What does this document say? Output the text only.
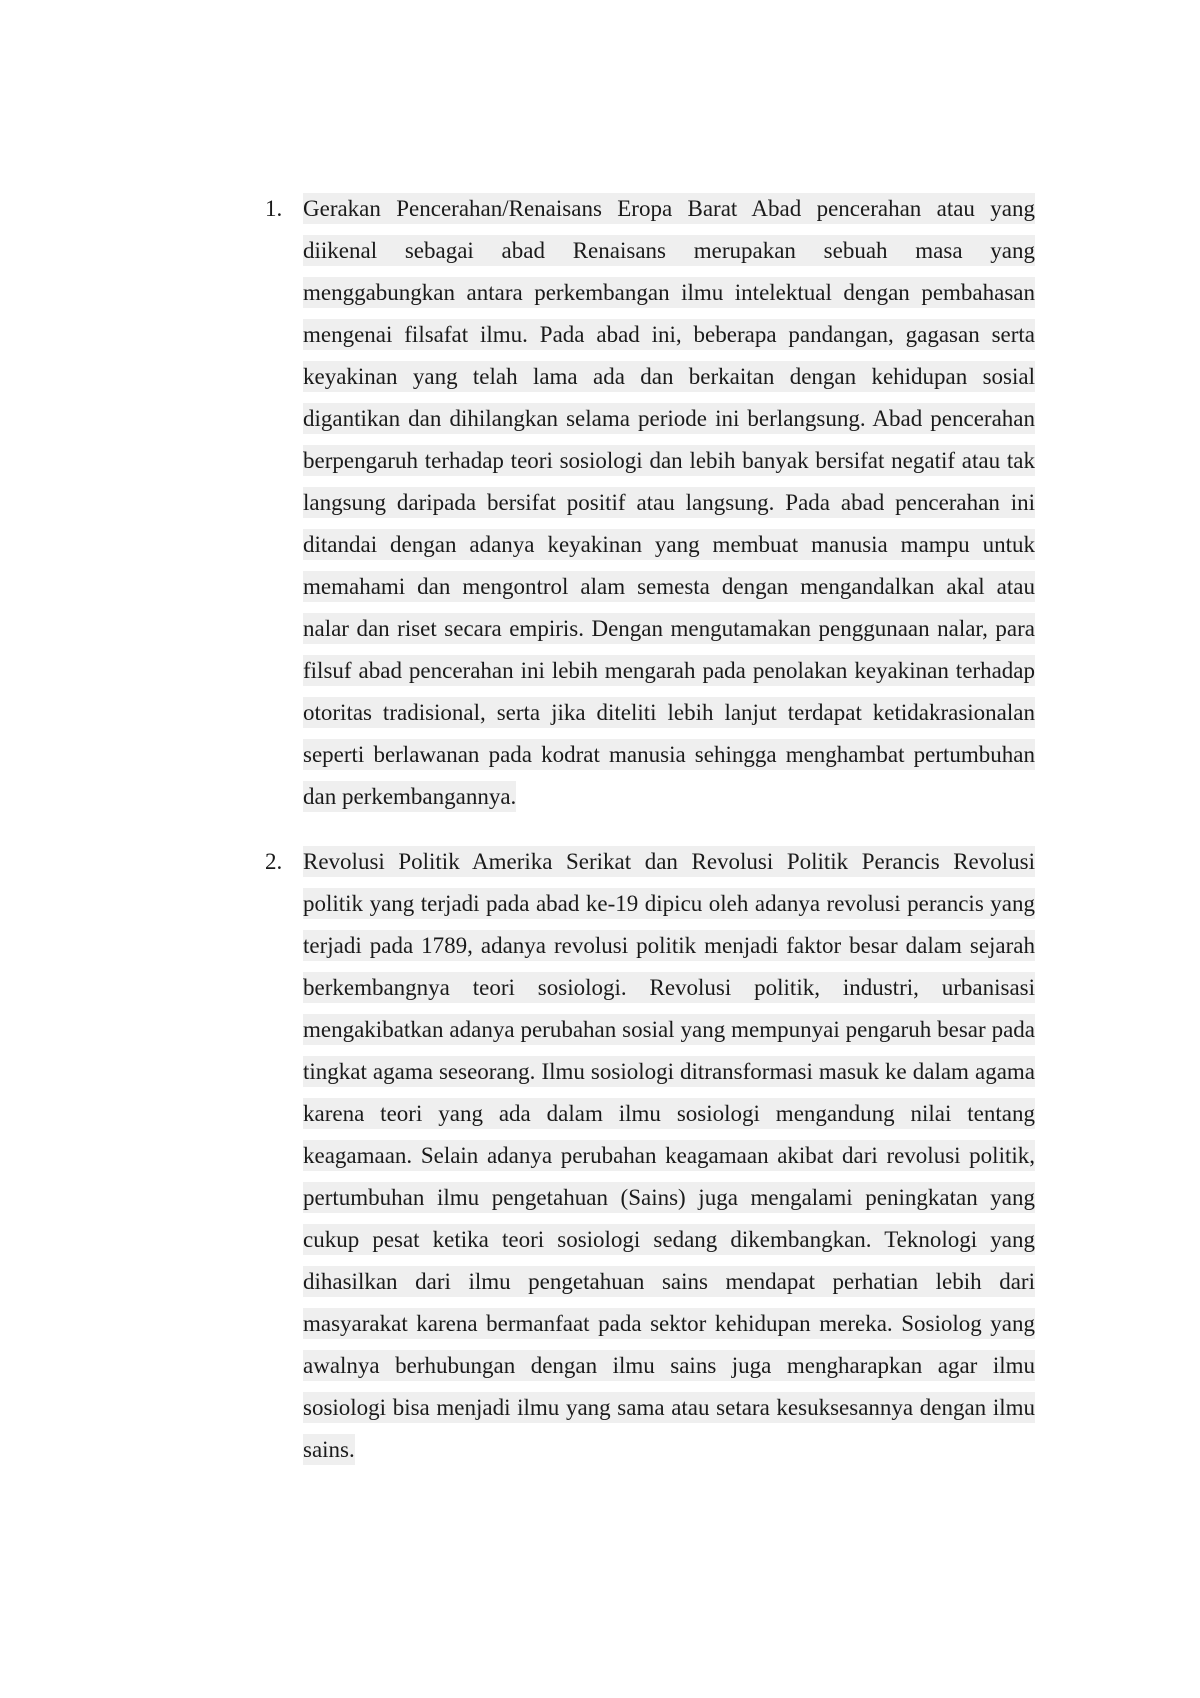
1. Gerakan Pencerahan/Renaisans Eropa Barat Abad pencerahan atau yang diikenal sebagai abad Renaisans merupakan sebuah masa yang menggabungkan antara perkembangan ilmu intelektual dengan pembahasan mengenai filsafat ilmu. Pada abad ini, beberapa pandangan, gagasan serta keyakinan yang telah lama ada dan berkaitan dengan kehidupan sosial digantikan dan dihilangkan selama periode ini berlangsung. Abad pencerahan berpengaruh terhadap teori sosiologi dan lebih banyak bersifat negatif atau tak langsung daripada bersifat positif atau langsung. Pada abad pencerahan ini ditandai dengan adanya keyakinan yang membuat manusia mampu untuk memahami dan mengontrol alam semesta dengan mengandalkan akal atau nalar dan riset secara empiris. Dengan mengutamakan penggunaan nalar, para filsuf abad pencerahan ini lebih mengarah pada penolakan keyakinan terhadap otoritas tradisional, serta jika diteliti lebih lanjut terdapat ketidakrasionalan seperti berlawanan pada kodrat manusia sehingga menghambat pertumbuhan dan perkembangannya.

2. Revolusi Politik Amerika Serikat dan Revolusi Politik Perancis Revolusi politik yang terjadi pada abad ke-19 dipicu oleh adanya revolusi perancis yang terjadi pada 1789, adanya revolusi politik menjadi faktor besar dalam sejarah berkembangnya teori sosiologi. Revolusi politik, industri, urbanisasi mengakibatkan adanya perubahan sosial yang mempunyai pengaruh besar pada tingkat agama seseorang. Ilmu sosiologi ditransformasi masuk ke dalam agama karena teori yang ada dalam ilmu sosiologi mengandung nilai tentang keagamaan. Selain adanya perubahan keagamaan akibat dari revolusi politik, pertumbuhan ilmu pengetahuan (Sains) juga mengalami peningkatan yang cukup pesat ketika teori sosiologi sedang dikembangkan. Teknologi yang dihasilkan dari ilmu pengetahuan sains mendapat perhatian lebih dari masyarakat karena bermanfaat pada sektor kehidupan mereka. Sosiolog yang awalnya berhubungan dengan ilmu sains juga mengharapkan agar ilmu sosiologi bisa menjadi ilmu yang sama atau setara kesuksesannya dengan ilmu sains.
